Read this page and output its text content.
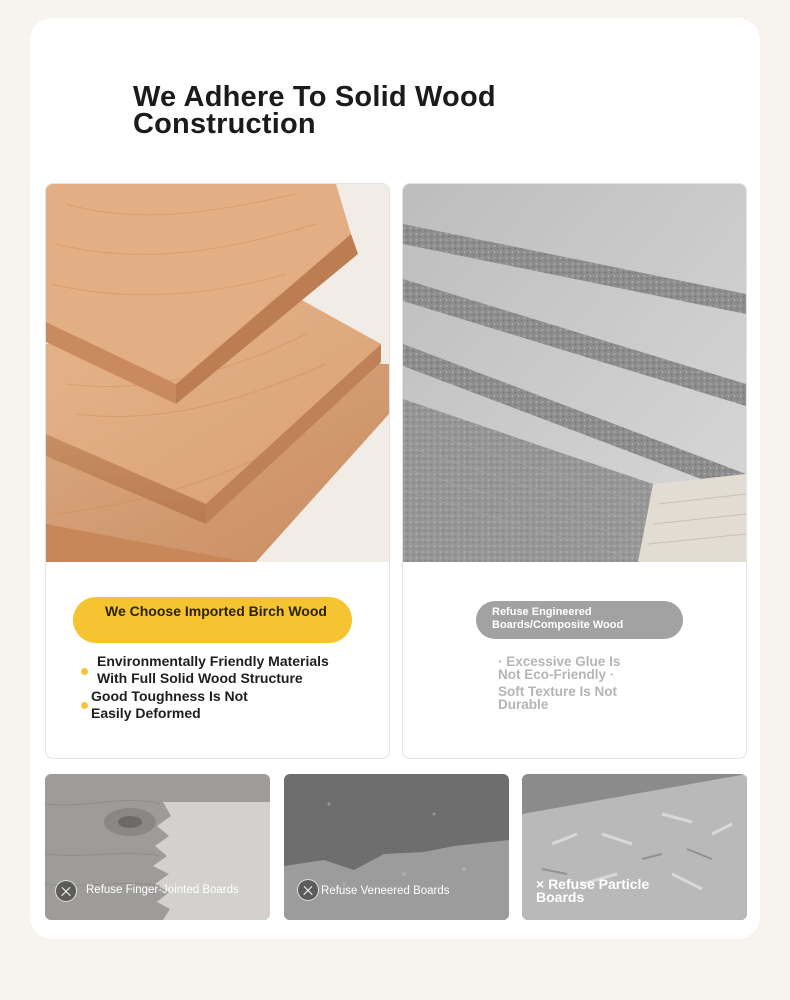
We Adhere To Solid Wood Construction
We Choose Imported Birch Wood
Environmentally Friendly Materials With Full Solid Wood Structure
Good Toughness Is Not Easily Deformed
Refuse Engineered Boards/Composite Wood
· Excessive Glue Is Not Eco-Friendly ·
Soft Texture Is Not Durable
Refuse Finger-Jointed Boards	Refuse Veneered Boards	× Refuse Particle Boards
